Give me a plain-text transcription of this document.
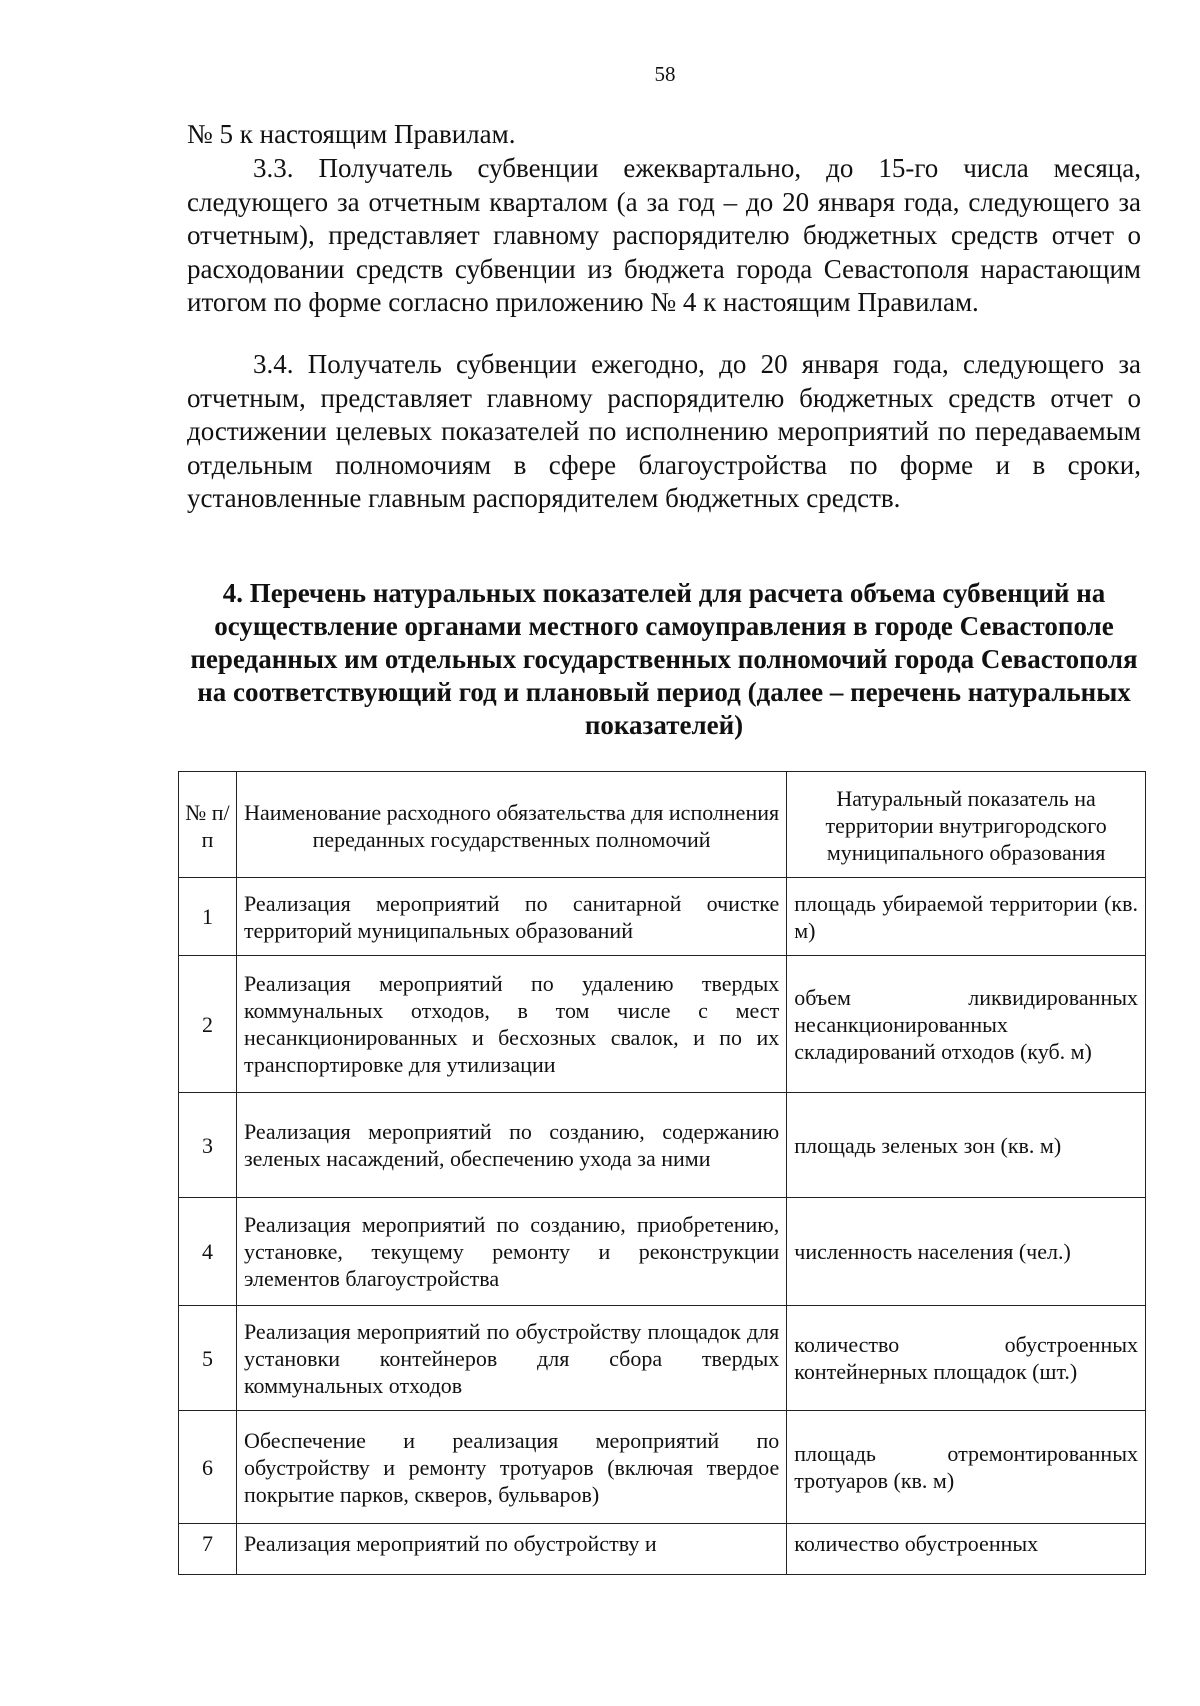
58

№ 5 к настоящим Правилам.

3.3. Получатель субвенции ежеквартально, до 15-го числа месяца, следующего за отчетным кварталом (а за год – до 20 января года, следующего за отчетным), представляет главному распорядителю бюджетных средств отчет о расходовании средств субвенции из бюджета города Севастополя нарастающим итогом по форме согласно приложению № 4 к настоящим Правилам.

3.4. Получатель субвенции ежегодно, до 20 января года, следующего за отчетным, представляет главному распорядителю бюджетных средств отчет о достижении целевых показателей по исполнению мероприятий по передаваемым отдельным полномочиям в сфере благоустройства по форме и в сроки, установленные главным распорядителем бюджетных средств.

4. Перечень натуральных показателей для расчета объема субвенций на осуществление органами местного самоуправления в городе Севастополе переданных им отдельных государственных полномочий города Севастополя на соответствующий год и плановый период (далее – перечень натуральных показателей)
№ п/п	Наименование расходного обязательства для исполнения переданных государственных полномочий	Натуральный показатель на территории внутригородского муниципального образования
1	Реализация мероприятий по санитарной очистке территорий муниципальных образований	площадь убираемой территории (кв. м)
2	Реализация мероприятий по удалению твердых коммунальных отходов, в том числе с мест несанкционированных и бесхозных свалок, и по их транспортировке для утилизации	объем ликвидированных несанкционированных складирований отходов (куб. м)
3	Реализация мероприятий по созданию, содержанию зеленых насаждений, обеспечению ухода за ними	площадь зеленых зон (кв. м)
4	Реализация мероприятий по созданию, приобретению, установке, текущему ремонту и реконструкции элементов благоустройства	численность населения (чел.)
5	Реализация мероприятий по обустройству площадок для установки контейнеров для сбора твердых коммунальных отходов	количество обустроенных контейнерных площадок (шт.)
6	Обеспечение и реализация мероприятий по обустройству и ремонту тротуаров (включая твердое покрытие парков, скверов, бульваров)	площадь отремонтированных тротуаров (кв. м)
7	Реализация мероприятий по обустройству и	количество обустроенных
